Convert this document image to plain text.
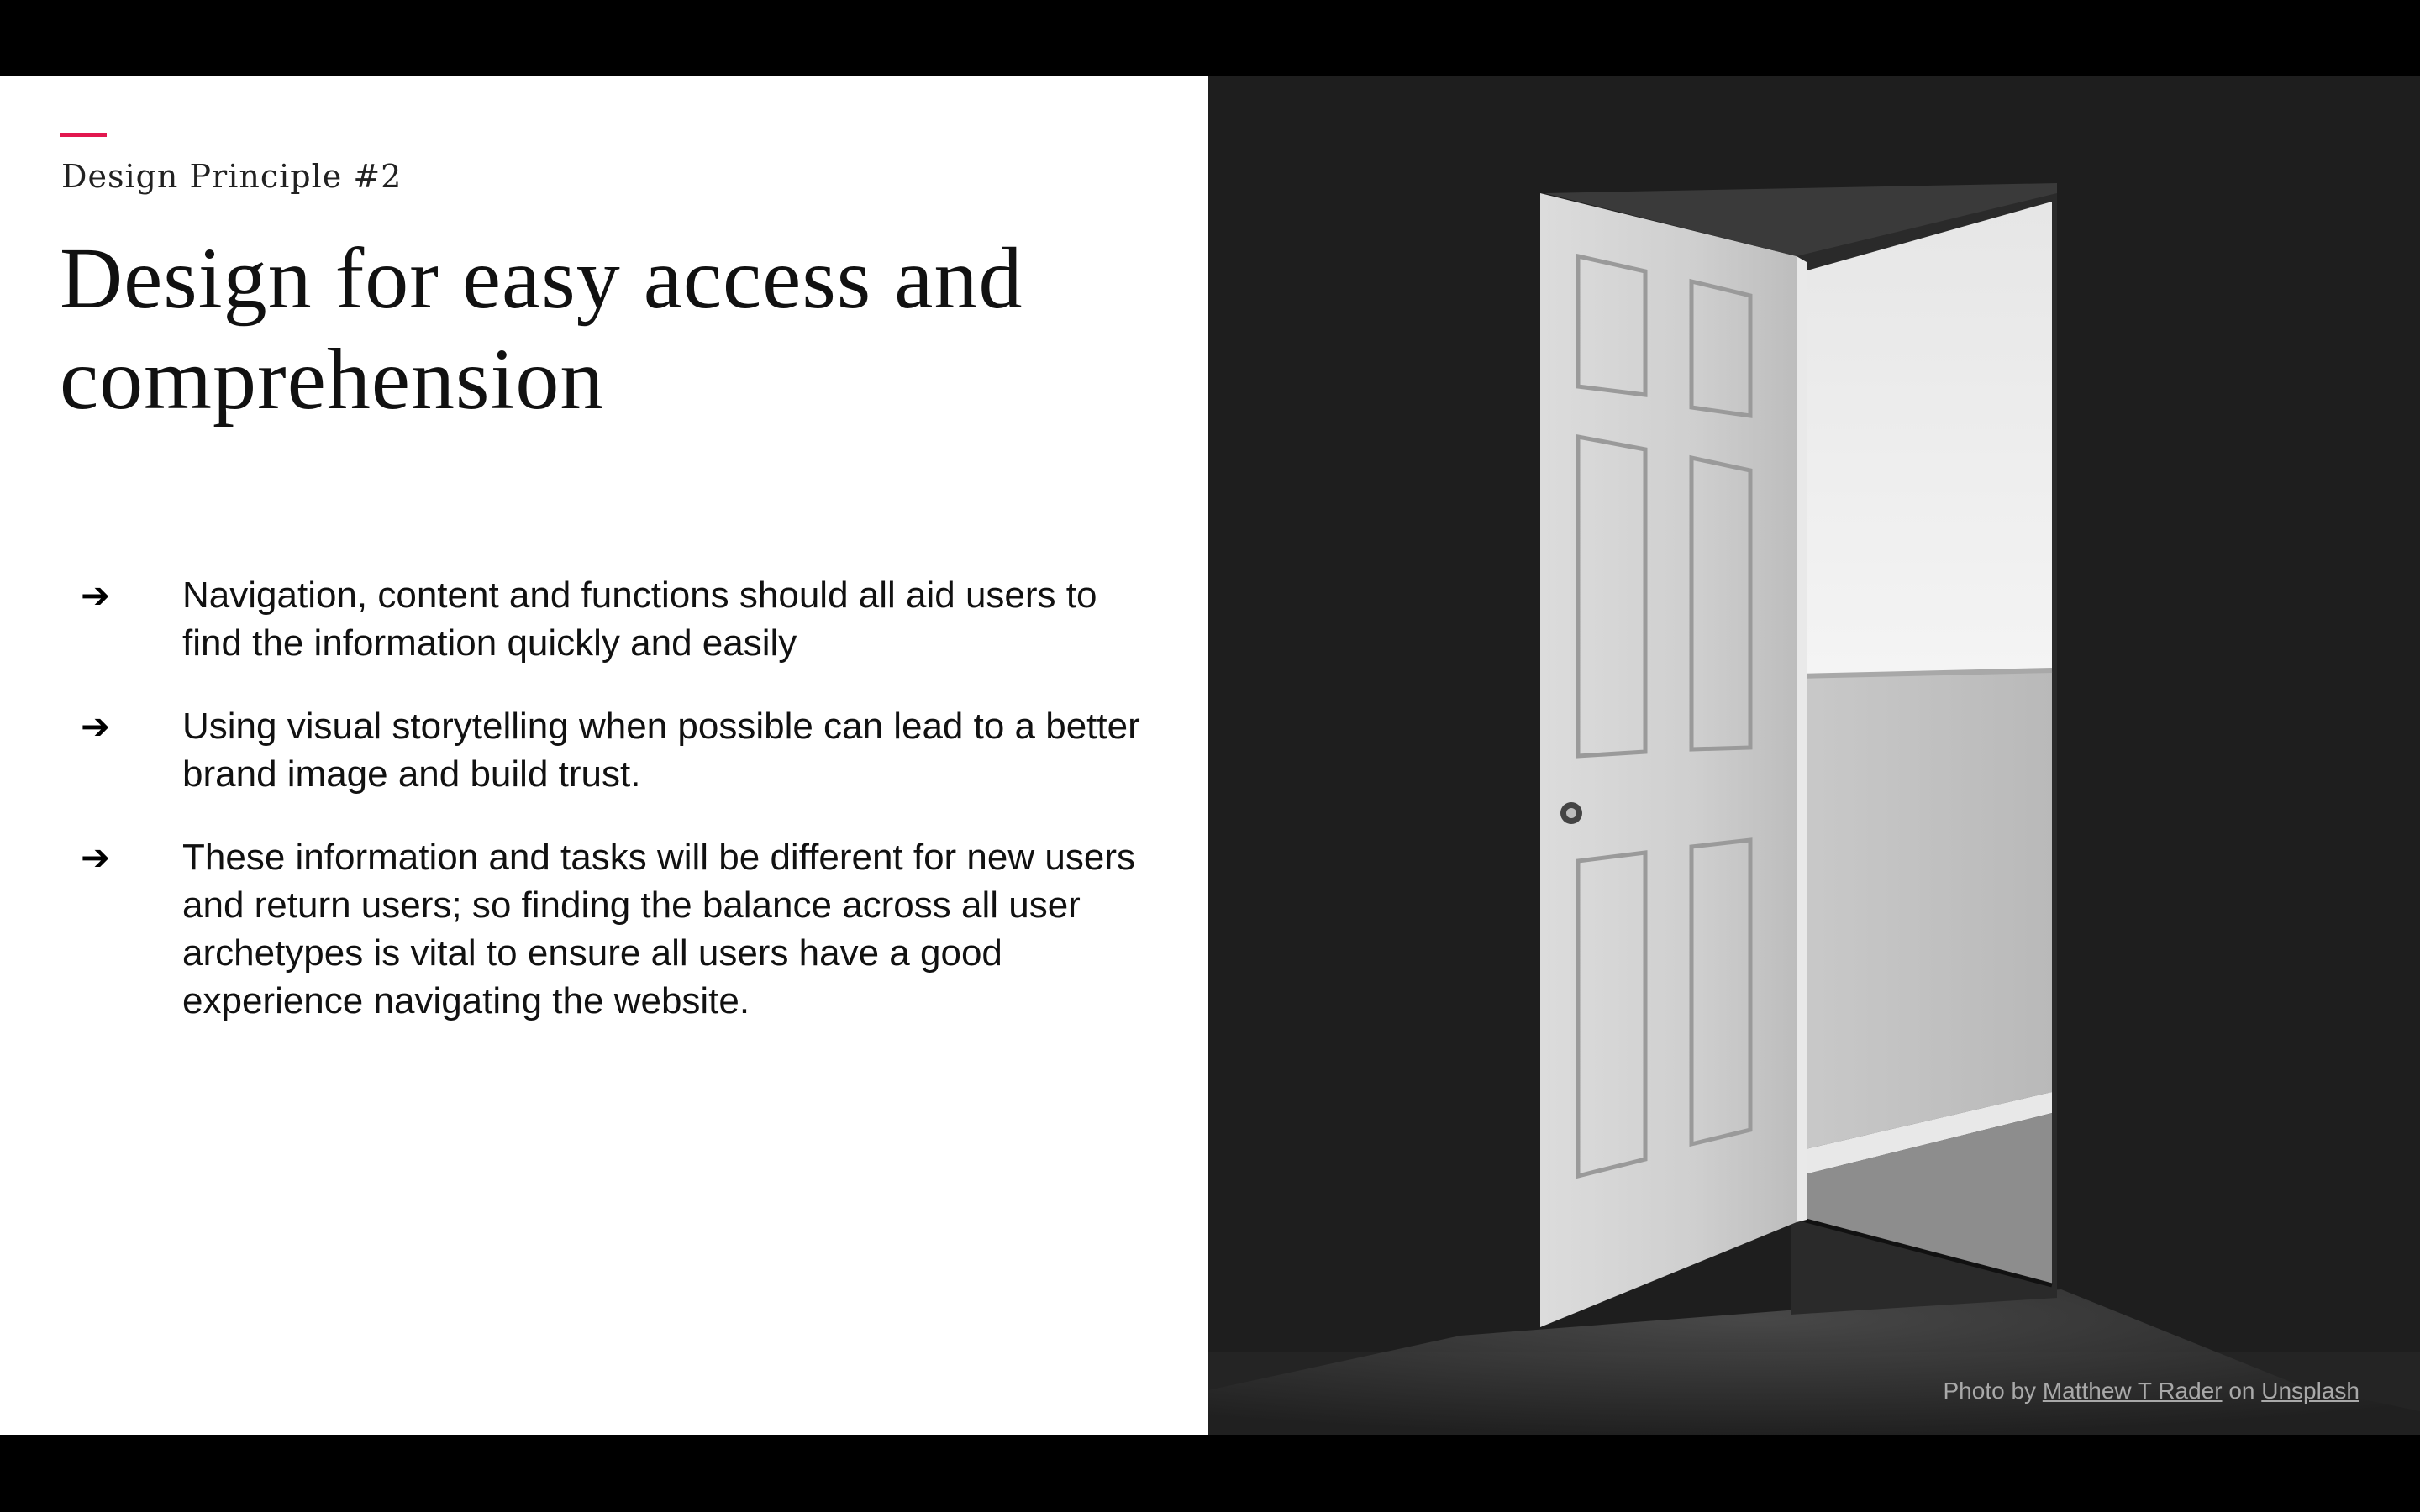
Design Principle #2
Design for easy access and
comprehension
➔ Navigation, content and functions should all aid users to find the information quickly and easily
➔ Using visual storytelling when possible can lead to a better brand image and build trust.
➔ These information and tasks will be different for new users and return users; so finding the balance across all user archetypes is vital to ensure all users have a good experience navigating the website.
Photo by Matthew T Rader on Unsplash
